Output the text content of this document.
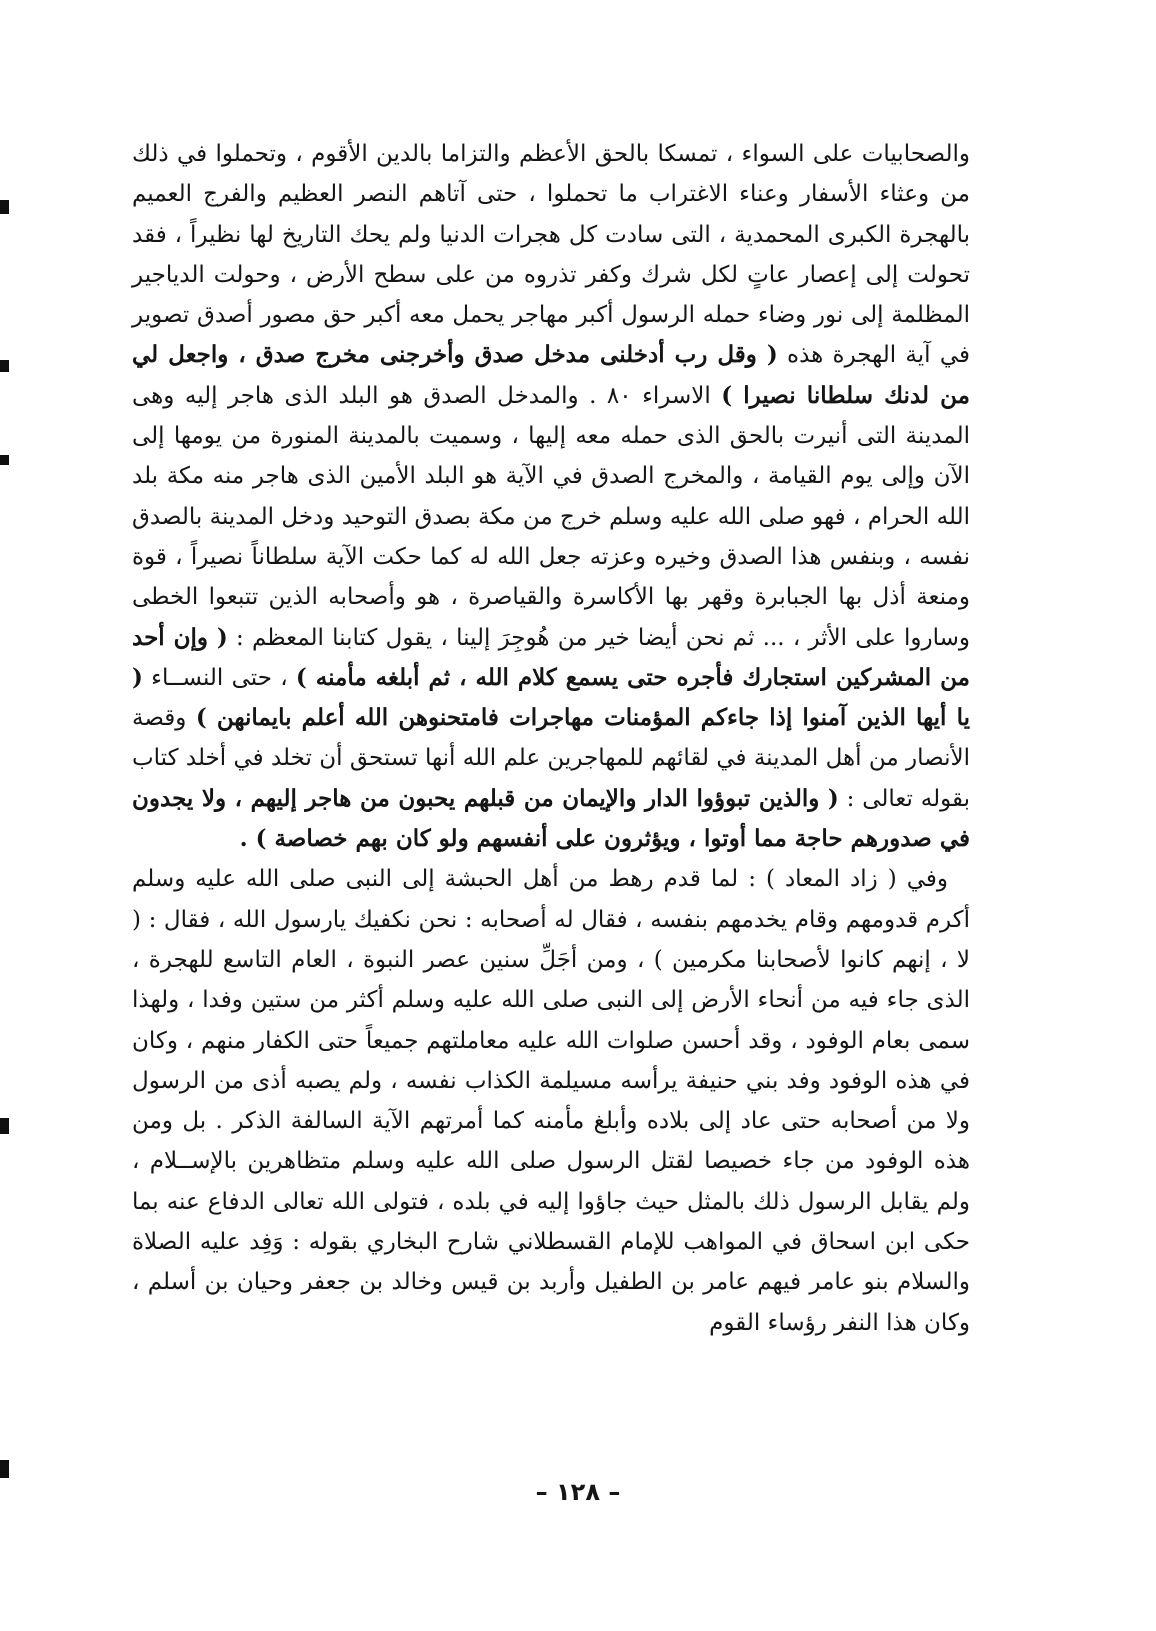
والصحابيات على السواء ، تمسكا بالحق الأعظم والتزاما بالدين الأقوم ، وتحملوا في ذلك من وعثاء الأسفار وعناء الاغتراب ما تحملوا ، حتى آتاهم النصر العظيم والفرج العميم بالهجرة الكبرى المحمدية ، التى سادت كل هجرات الدنيا ولم يحك التاريخ لها نظيراً ، فقد تحولت إلى إعصار عاتٍ لكل شرك وكفر تذروه من على سطح الأرض ، وحولت الدياجير المظلمة إلى نور وضاء حمله الرسول أكبر مهاجر يحمل معه أكبر حق مصور أصدق تصوير في آية الهجرة هذه ( وقل رب أدخلنى مدخل صدق وأخرجنى مخرج صدق ، واجعل لي من لدنك سلطانا نصيرا ) الاسراء ٨٠ . والمدخل الصدق هو البلد الذى هاجر إليه وهى المدينة التى أنيرت بالحق الذى حمله معه إليها ، وسميت بالمدينة المنورة من يومها إلى الآن وإلى يوم القيامة ، والمخرج الصدق في الآية هو البلد الأمين الذى هاجر منه مكة بلد الله الحرام ، فهو صلى الله عليه وسلم خرج من مكة بصدق التوحيد ودخل المدينة بالصدق نفسه ، وبنفس هذا الصدق وخيره وعزته جعل الله له كما حكت الآية سلطاناً نصيراً ، قوة ومنعة أذل بها الجبابرة وقهر بها الأكاسرة والقياصرة ، هو وأصحابه الذين تتبعوا الخطى وساروا على الأثر ، ... ثم نحن أيضا خير من هُوجِرَ إلينا ، يقول كتابنا المعظم : ( وإن أحد من المشركين استجارك فأجره حتى يسمع كلام الله ، ثم أبلغه مأمنه ) ، حتى النســاء ( يا أيها الذين آمنوا إذا جاءكم المؤمنات مهاجرات فامتحنوهن الله أعلم بايمانهن ) وقصة الأنصار من أهل المدينة في لقائهم للمهاجرين علم الله أنها تستحق أن تخلد في أخلد كتاب بقوله تعالى : ( والذين تبوؤوا الدار والإيمان من قبلهم يحبون من هاجر إليهم ، ولا يجدون في صدورهم حاجة مما أوتوا ، ويؤثرون على أنفسهم ولو كان بهم خصاصة ) .

وفي ( زاد المعاد ) : لما قدم رهط من أهل الحبشة إلى النبى صلى الله عليه وسلم أكرم قدومهم وقام يخدمهم بنفسه ، فقال له أصحابه : نحن نكفيك يارسول الله ، فقال : ( لا ، إنهم كانوا لأصحابنا مكرمين ) ، ومن أجَلِّ سنين عصر النبوة ، العام التاسع للهجرة ، الذى جاء فيه من أنحاء الأرض إلى النبى صلى الله عليه وسلم أكثر من ستين وفدا ، ولهذا سمى بعام الوفود ، وقد أحسن صلوات الله عليه معاملتهم جميعاً حتى الكفار منهم ، وكان في هذه الوفود وفد بني حنيفة يرأسه مسيلمة الكذاب نفسه ، ولم يصبه أذى من الرسول ولا من أصحابه حتى عاد إلى بلاده وأبلغ مأمنه كما أمرتهم الآية السالفة الذكر . بل ومن هذه الوفود من جاء خصيصا لقتل الرسول صلى الله عليه وسلم متظاهرين بالإســلام ، ولم يقابل الرسول ذلك بالمثل حيث جاؤوا إليه في بلده ، فتولى الله تعالى الدفاع عنه بما حكى ابن اسحاق في المواهب للإمام القسطلاني شارح البخاري بقوله : وَفِد عليه الصلاة والسلام بنو عامر فيهم عامر بن الطفيل وأربد بن قيس وخالد بن جعفر وحيان بن أسلم ، وكان هذا النفر رؤساء القوم

– ١٢٨ –
